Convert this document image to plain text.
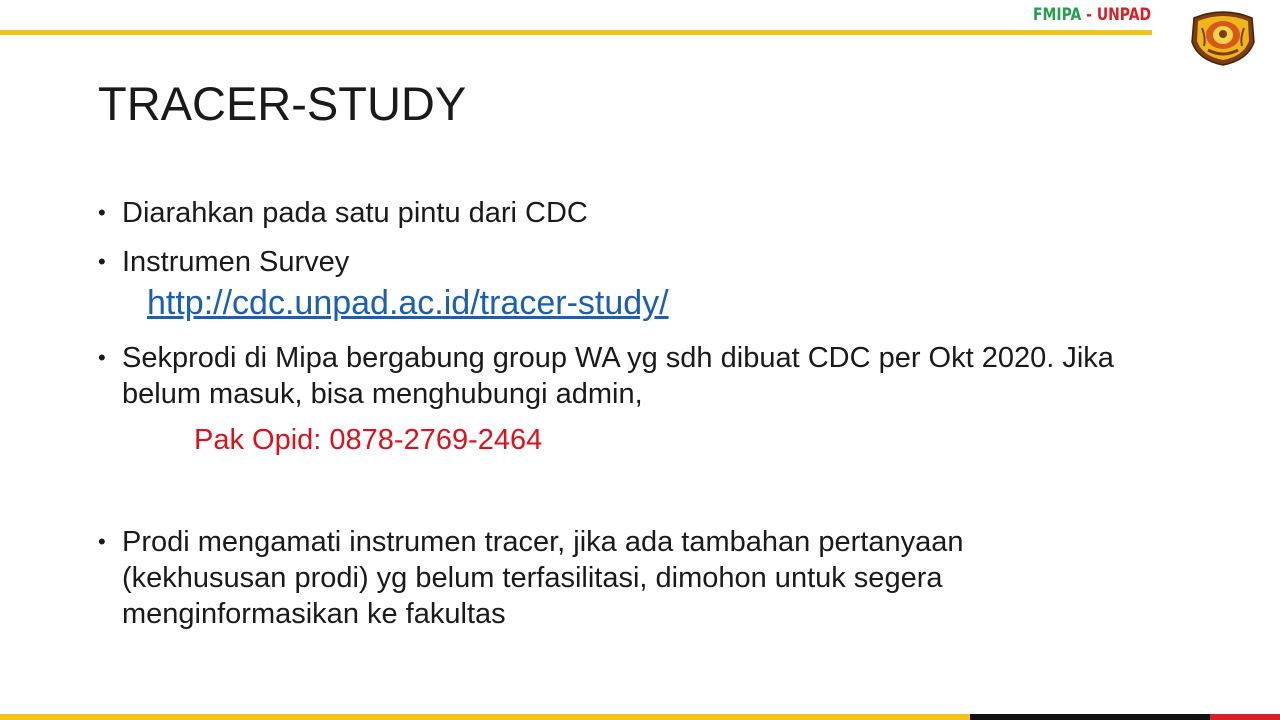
FMIPA - UNPAD
TRACER-STUDY
• Diarahkan pada satu pintu dari CDC
• Instrumen Survey
http://cdc.unpad.ac.id/tracer-study/
• Sekprodi di Mipa bergabung group WA yg sdh dibuat CDC per Okt 2020. Jika belum masuk, bisa menghubungi admin,
Pak Opid: 0878-2769-2464
• Prodi mengamati instrumen tracer, jika ada tambahan pertanyaan (kekhususan prodi) yg belum terfasilitasi, dimohon untuk segera menginformasikan ke fakultas
